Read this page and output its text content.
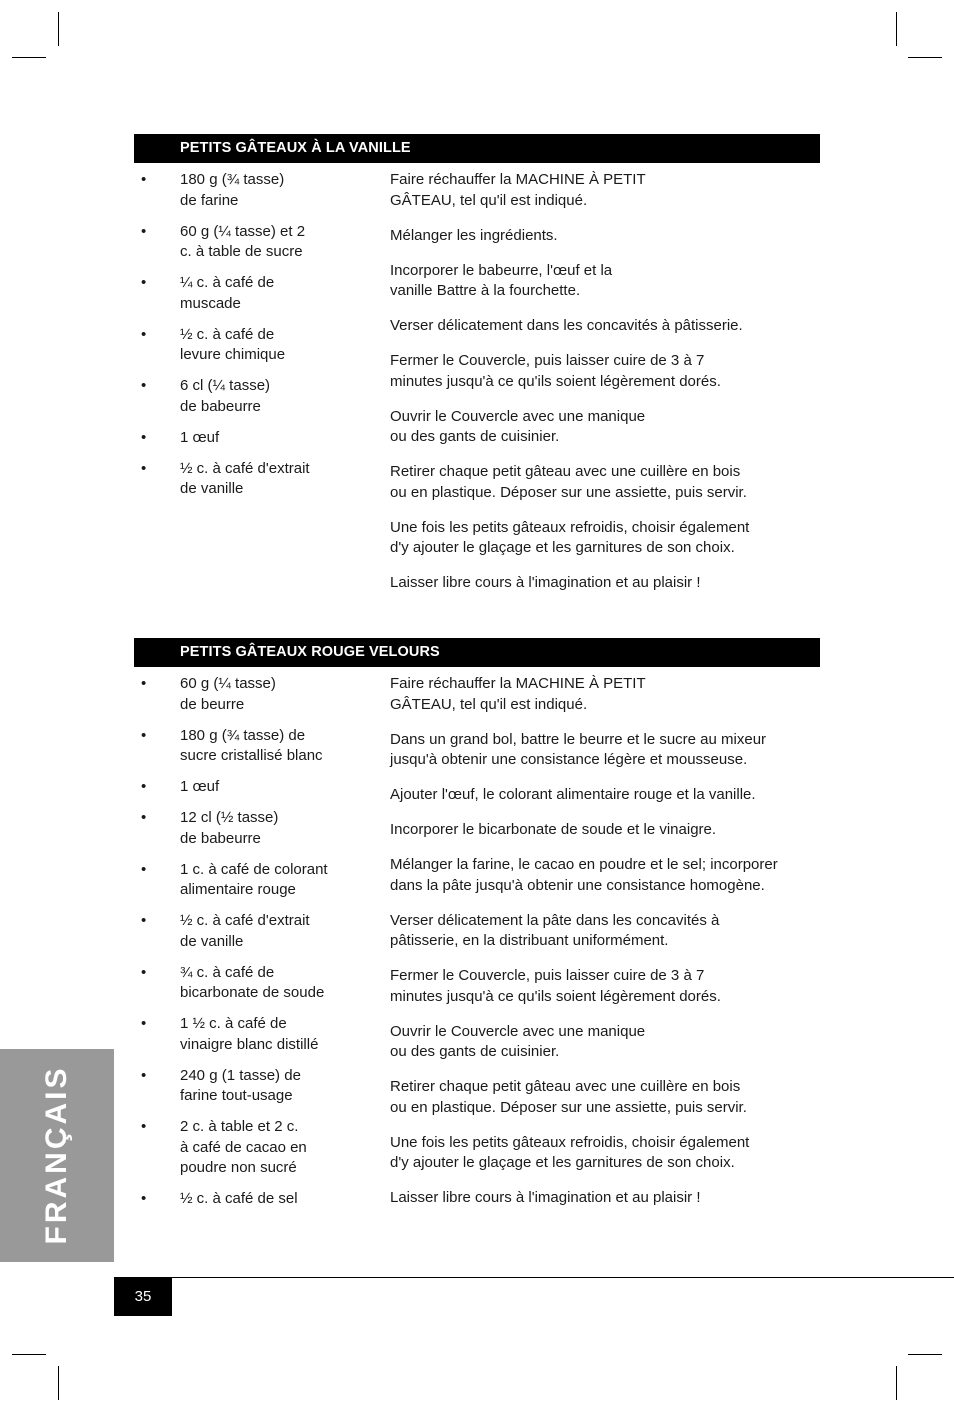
PETITS GÂTEAUX À LA VANILLE
• 180 g (¾ tasse)
de farine
• 60 g (¼ tasse) et 2
c. à table de sucre
• ¼ c. à café de
muscade
• ½ c. à café de
levure chimique
• 6 cl (¼ tasse)
de babeurre
• 1 œuf
• ½ c. à café d'extrait
de vanille
Faire réchauffer la MACHINE À PETIT
GÂTEAU, tel qu'il est indiqué.
Mélanger les ingrédients.
Incorporer le babeurre, l'œuf et la
vanille Battre à la fourchette.
Verser délicatement dans les concavités à pâtisserie.
Fermer le Couvercle, puis laisser cuire de 3 à 7
minutes jusqu'à ce qu'ils soient légèrement dorés.
Ouvrir le Couvercle avec une manique
ou des gants de cuisinier.
Retirer chaque petit gâteau avec une cuillère en bois
ou en plastique. Déposer sur une assiette, puis servir.
Une fois les petits gâteaux refroidis, choisir également
d'y ajouter le glaçage et les garnitures de son choix.
Laisser libre cours à l'imagination et au plaisir !
PETITS GÂTEAUX ROUGE VELOURS
• 60 g (¼ tasse)
de beurre
• 180 g (¾ tasse) de
sucre cristallisé blanc
• 1 œuf
• 12 cl (½ tasse)
de babeurre
• 1 c. à café de colorant
alimentaire rouge
• ½ c. à café d'extrait
de vanille
• ¾ c. à café de
bicarbonate de soude
• 1 ½ c. à café de
vinaigre blanc distillé
• 240 g (1 tasse) de
farine tout-usage
• 2 c. à table et 2 c.
à café de cacao en
poudre non sucré
• ½ c. à café de sel
Faire réchauffer la MACHINE À PETIT
GÂTEAU, tel qu'il est indiqué.
Dans un grand bol, battre le beurre et le sucre au mixeur
jusqu'à obtenir une consistance légère et mousseuse.
Ajouter l'œuf, le colorant alimentaire rouge et la vanille.
Incorporer le bicarbonate de soude et le vinaigre.
Mélanger la farine, le cacao en poudre et le sel; incorporer
dans la pâte jusqu'à obtenir une consistance homogène.
Verser délicatement la pâte dans les concavités à
pâtisserie, en la distribuant uniformément.
Fermer le Couvercle, puis laisser cuire de 3 à 7
minutes jusqu'à ce qu'ils soient légèrement dorés.
Ouvrir le Couvercle avec une manique
ou des gants de cuisinier.
Retirer chaque petit gâteau avec une cuillère en bois
ou en plastique. Déposer sur une assiette, puis servir.
Une fois les petits gâteaux refroidis, choisir également
d'y ajouter le glaçage et les garnitures de son choix.
Laisser libre cours à l'imagination et au plaisir !
FRANÇAIS
35
